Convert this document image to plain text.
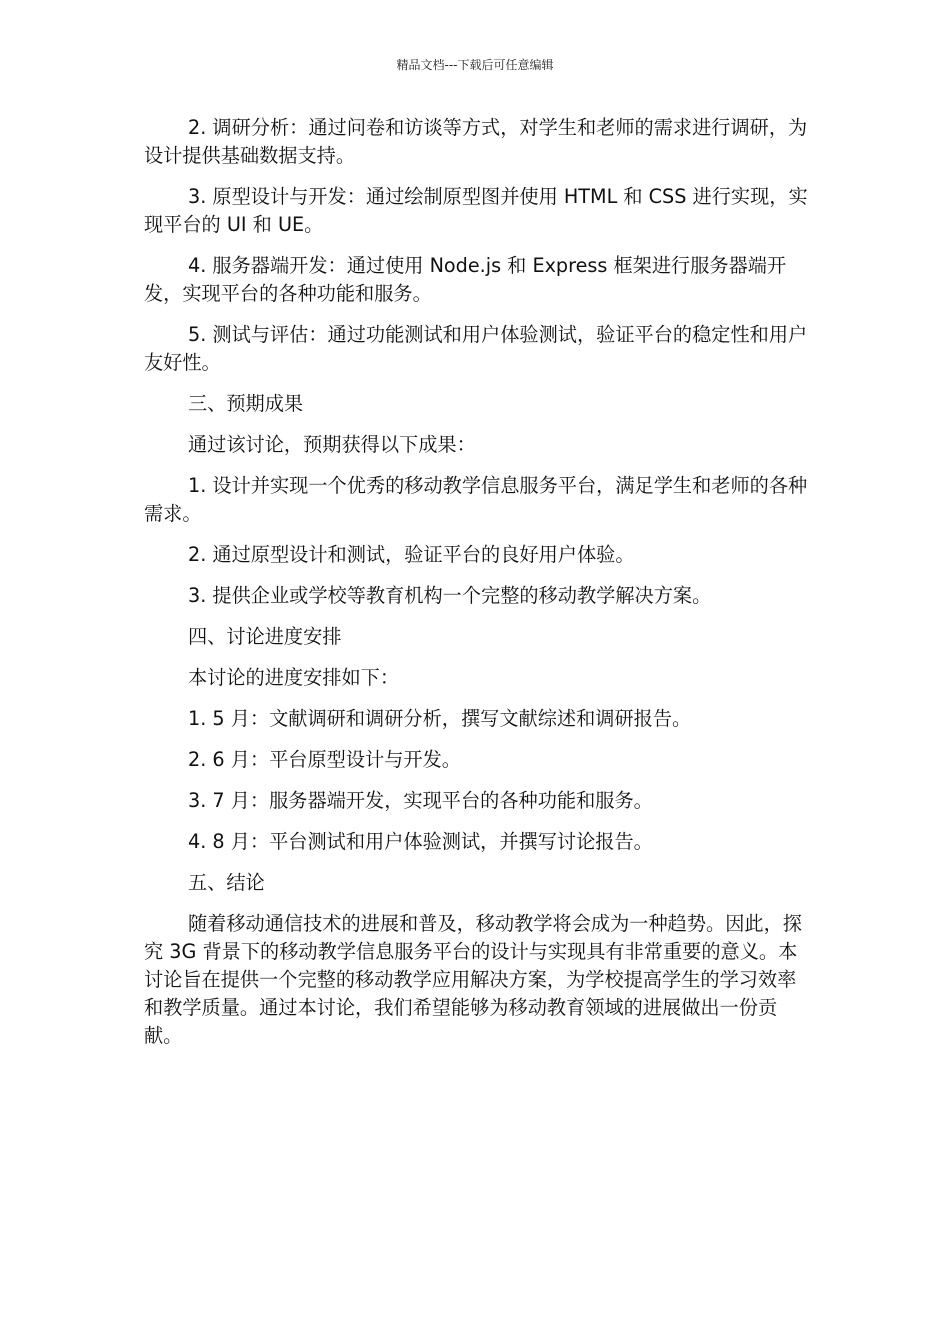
精品文档---下载后可任意编辑

2. 调研分析：通过问卷和访谈等方式，对学生和老师的需求进行调研，为设计提供基础数据支持。

3. 原型设计与开发：通过绘制原型图并使用 HTML 和 CSS 进行实现，实现平台的 UI 和 UE。

4. 服务器端开发：通过使用 Node.js 和 Express 框架进行服务器端开发，实现平台的各种功能和服务。

5. 测试与评估：通过功能测试和用户体验测试，验证平台的稳定性和用户友好性。

三、预期成果

通过该讨论，预期获得以下成果：

1. 设计并实现一个优秀的移动教学信息服务平台，满足学生和老师的各种需求。

2. 通过原型设计和测试，验证平台的良好用户体验。

3. 提供企业或学校等教育机构一个完整的移动教学解决方案。

四、讨论进度安排

本讨论的进度安排如下：

1. 5 月：文献调研和调研分析，撰写文献综述和调研报告。

2. 6 月：平台原型设计与开发。

3. 7 月：服务器端开发，实现平台的各种功能和服务。

4. 8 月：平台测试和用户体验测试，并撰写讨论报告。

五、结论

随着移动通信技术的进展和普及，移动教学将会成为一种趋势。因此，探究 3G 背景下的移动教学信息服务平台的设计与实现具有非常重要的意义。本讨论旨在提供一个完整的移动教学应用解决方案，为学校提高学生的学习效率和教学质量。通过本讨论，我们希望能够为移动教育领域的进展做出一份贡献。
